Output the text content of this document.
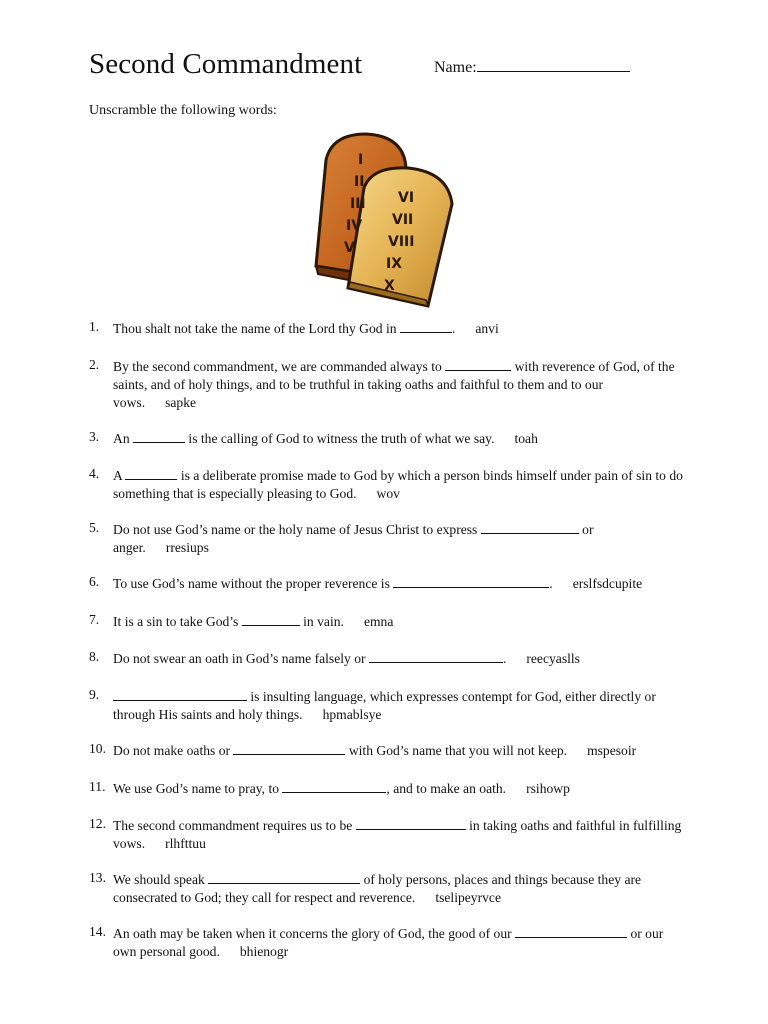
Second Commandment	Name:

Unscramble the following words:

I
II
III
IV
V
VI
VII
VIII
IX
X
1. Thou shalt not take the name of the Lord thy God in	. anvi
2. By the second commandment, we are commanded always to	with reverence of God, of the saints, and of holy things, and to be truthful in taking oaths and faithful to them and to our vows. sapke
3. An	is the calling of God to witness the truth of what we say. toah
4. A	is a deliberate promise made to God by which a person binds himself under pain of sin to do something that is especially pleasing to God. wov
5. Do not use God’s name or the holy name of Jesus Christ to express	or anger. rresiups
6. To use God’s name without the proper reverence is	. erslfsdcupite
7. It is a sin to take God’s	in vain. emna
8. Do not swear an oath in God’s name falsely or	. reecyaslls
9.	is insulting language, which expresses contempt for God, either directly or through His saints and holy things. hpmablsye
10. Do not make oaths or	with God’s name that you will not keep. mspesoir
11. We use God’s name to pray, to	, and to make an oath. rsihowp
12. The second commandment requires us to be	in taking oaths and faithful in fulfilling vows. rlhfttuu
13. We should speak	of holy persons, places and things because they are consecrated to God; they call for respect and reverence. tselipeyrvce
14. An oath may be taken when it concerns the glory of God, the good of our	or our own personal good. bhienogr
